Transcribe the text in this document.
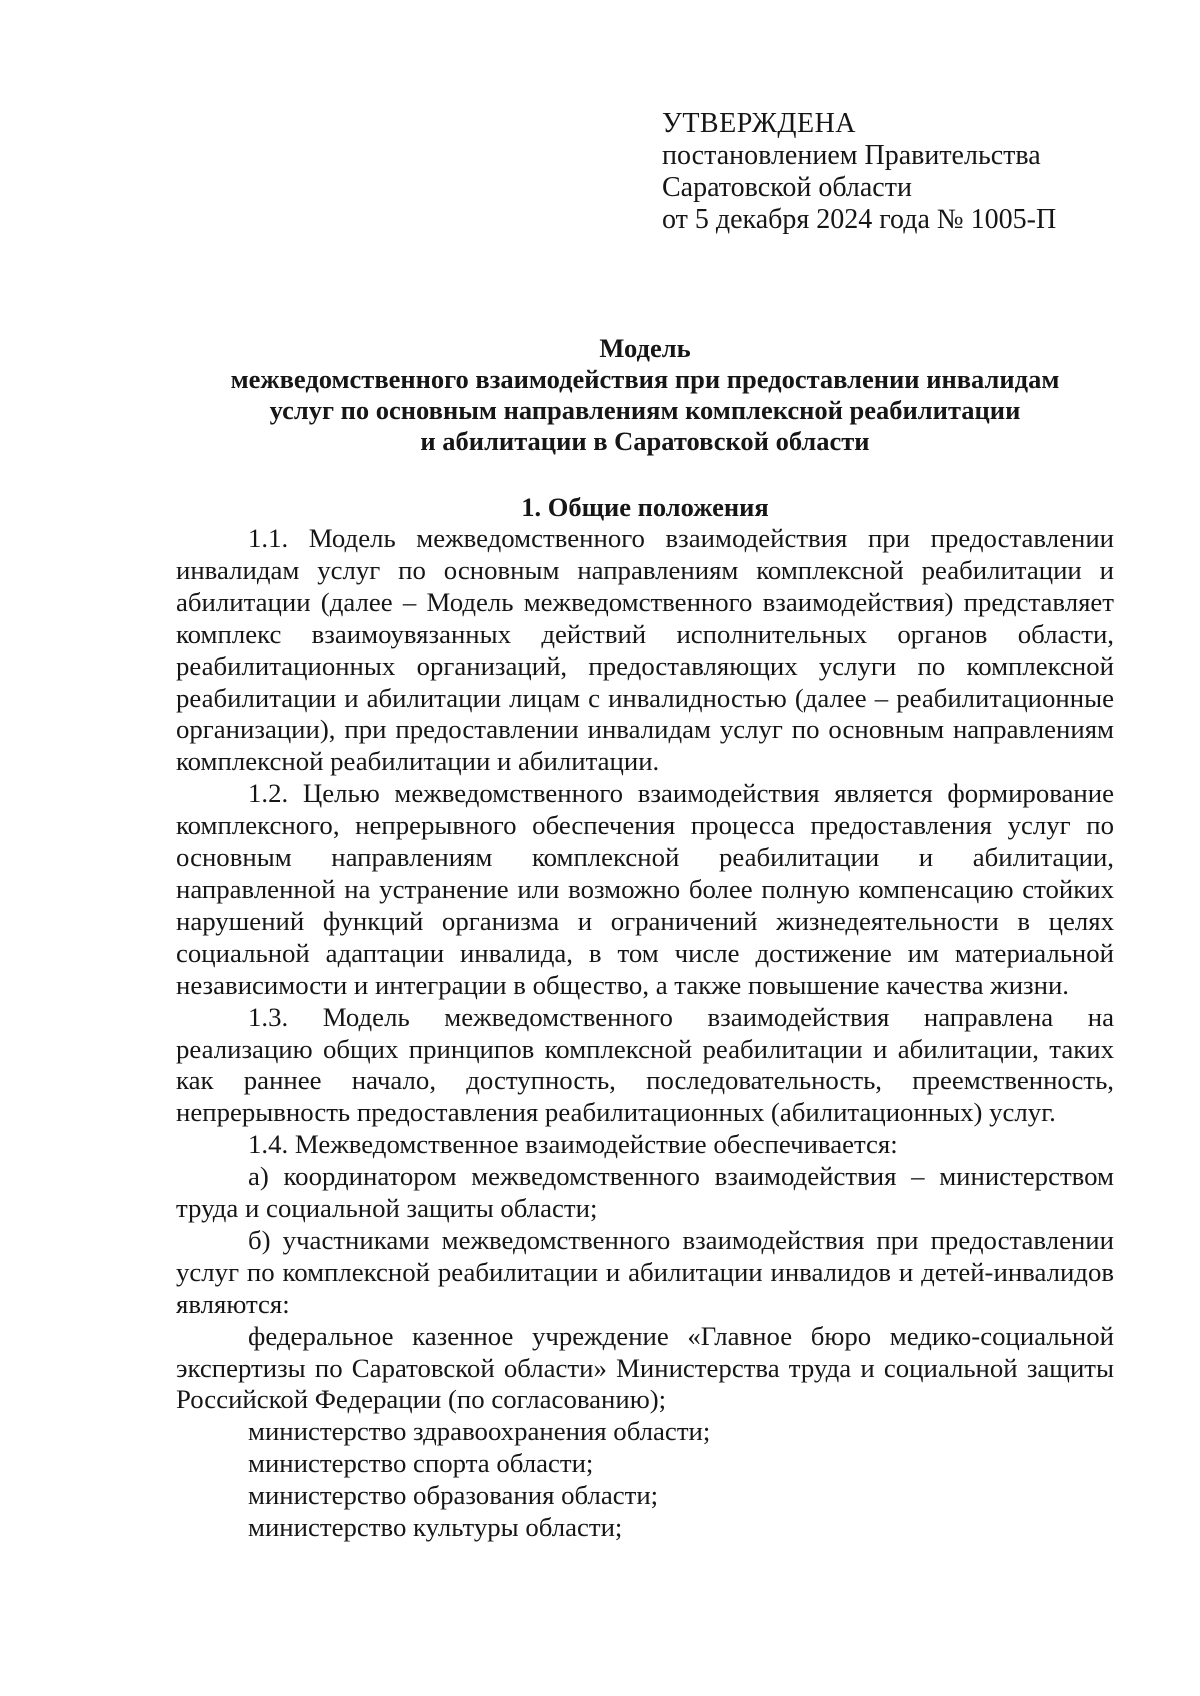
УТВЕРЖДЕНА
постановлением Правительства
Саратовской области
от 5 декабря 2024 года № 1005-П
Модель
межведомственного взаимодействия при предоставлении инвалидам
услуг по основным направлениям комплексной реабилитации
и абилитации в Саратовской области
1. Общие положения

1.1. Модель межведомственного взаимодействия при предоставлении инвалидам услуг по основным направлениям комплексной реабилитации и абилитации (далее – Модель межведомственного взаимодействия) представляет комплекс взаимоувязанных действий исполнительных органов области, реабилитационных организаций, предоставляющих услуги по комплексной реабилитации и абилитации лицам с инвалидностью (далее – реабилитационные организации), при предоставлении инвалидам услуг по основным направлениям комплексной реабилитации и абилитации.

1.2. Целью межведомственного взаимодействия является формирование комплексного, непрерывного обеспечения процесса предоставления услуг по основным направлениям комплексной реабилитации и абилитации, направленной на устранение или возможно более полную компенсацию стойких нарушений функций организма и ограничений жизнедеятельности в целях социальной адаптации инвалида, в том числе достижение им материальной независимости и интеграции в общество, а также повышение качества жизни.

1.3. Модель межведомственного взаимодействия направлена на реализацию общих принципов комплексной реабилитации и абилитации, таких как раннее начало, доступность, последовательность, преемственность, непрерывность предоставления реабилитационных (абилитационных) услуг.

1.4. Межведомственное взаимодействие обеспечивается:

а) координатором межведомственного взаимодействия – министерством труда и социальной защиты области;

б) участниками межведомственного взаимодействия при предоставлении услуг по комплексной реабилитации и абилитации инвалидов и детей-инвалидов являются:

федеральное казенное учреждение «Главное бюро медико-социальной экспертизы по Саратовской области» Министерства труда и социальной защиты Российской Федерации (по согласованию);

министерство здравоохранения области;

министерство спорта области;

министерство образования области;

министерство культуры области;
